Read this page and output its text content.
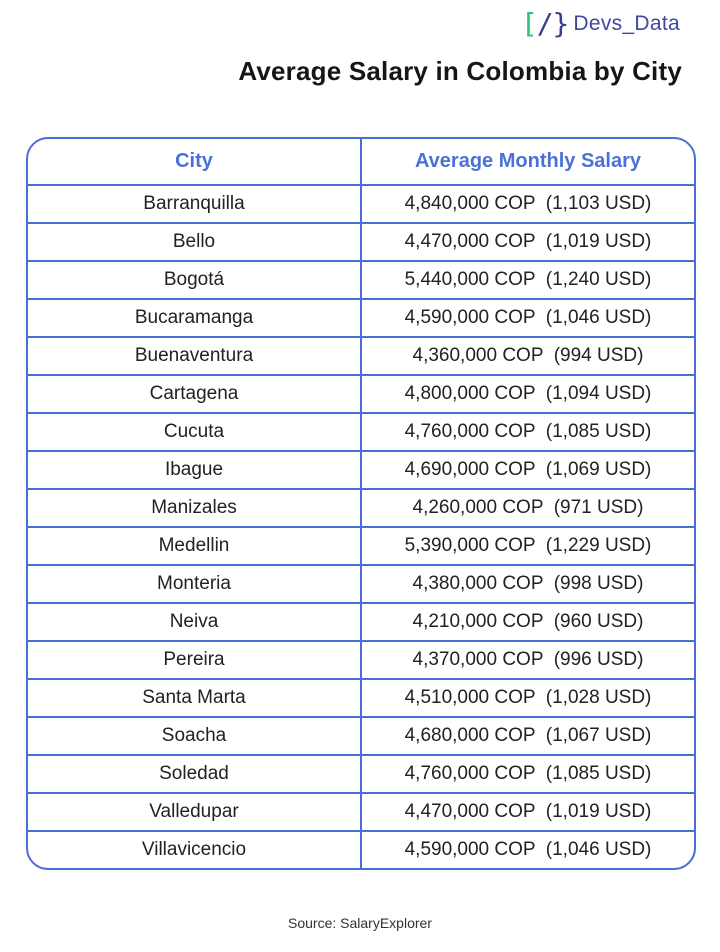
[ / } Devs_Data
Average Salary in Colombia by City
City	Average Monthly Salary
Barranquilla	4,840,000 COP  (1,103 USD)
Bello	4,470,000 COP  (1,019 USD)
Bogotá	5,440,000 COP  (1,240 USD)
Bucaramanga	4,590,000 COP  (1,046 USD)
Buenaventura	4,360,000 COP  (994 USD)
Cartagena	4,800,000 COP  (1,094 USD)
Cucuta	4,760,000 COP  (1,085 USD)
Ibague	4,690,000 COP  (1,069 USD)
Manizales	4,260,000 COP  (971 USD)
Medellin	5,390,000 COP  (1,229 USD)
Monteria	4,380,000 COP  (998 USD)
Neiva	4,210,000 COP  (960 USD)
Pereira	4,370,000 COP  (996 USD)
Santa Marta	4,510,000 COP  (1,028 USD)
Soacha	4,680,000 COP  (1,067 USD)
Soledad	4,760,000 COP  (1,085 USD)
Valledupar	4,470,000 COP  (1,019 USD)
Villavicencio	4,590,000 COP  (1,046 USD)
Source: SalaryExplorer
